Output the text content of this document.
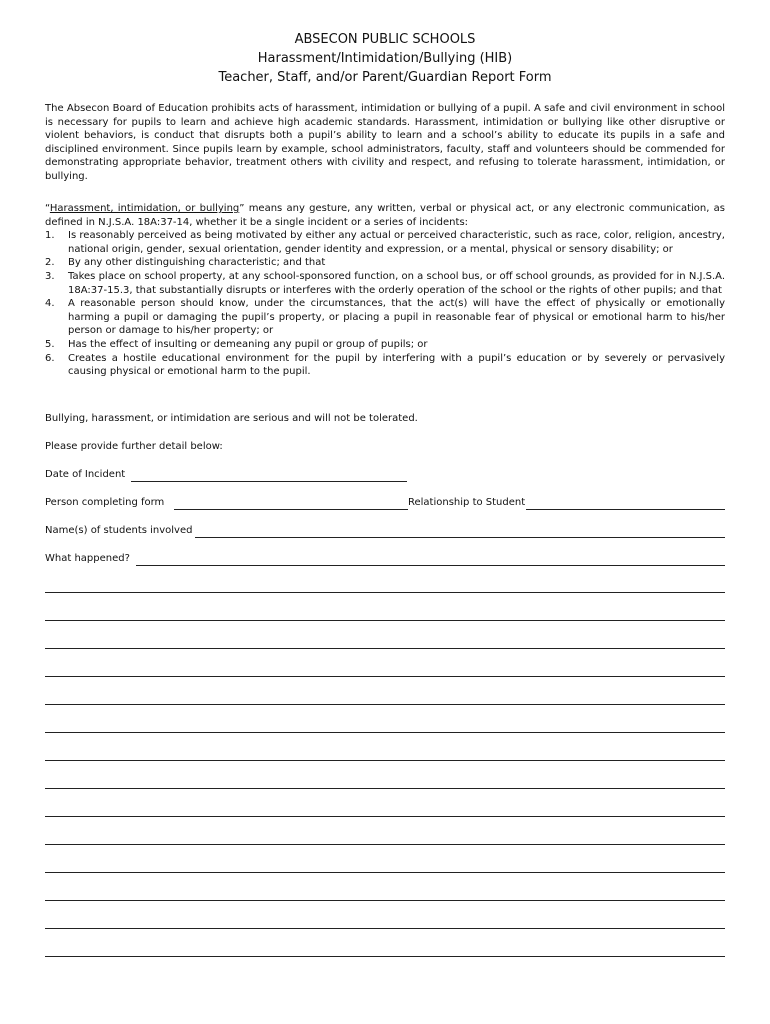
ABSECON PUBLIC SCHOOLS
Harassment/Intimidation/Bullying (HIB)
Teacher, Staff, and/or Parent/Guardian Report Form
The Absecon Board of Education prohibits acts of harassment, intimidation or bullying of a pupil. A safe and civil environment in school is necessary for pupils to learn and achieve high academic standards. Harassment, intimidation or bullying like other disruptive or violent behaviors, is conduct that disrupts both a pupil’s ability to learn and a school’s ability to educate its pupils in a safe and disciplined environment. Since pupils learn by example, school administrators, faculty, staff and volunteers should be commended for demonstrating appropriate behavior, treatment others with civility and respect, and refusing to tolerate harassment, intimidation, or bullying.
“Harassment, intimidation, or bullying” means any gesture, any written, verbal or physical act, or any electronic communication, as defined in N.J.S.A. 18A:37-14, whether it be a single incident or a series of incidents:
1. Is reasonably perceived as being motivated by either any actual or perceived characteristic, such as race, color, religion, ancestry, national origin, gender, sexual orientation, gender identity and expression, or a mental, physical or sensory disability; or
2. By any other distinguishing characteristic; and that
3. Takes place on school property, at any school-sponsored function, on a school bus, or off school grounds, as provided for in N.J.S.A. 18A:37-15.3, that substantially disrupts or interferes with the orderly operation of the school or the rights of other pupils; and that
4. A reasonable person should know, under the circumstances, that the act(s) will have the effect of physically or emotionally harming a pupil or damaging the pupil’s property, or placing a pupil in reasonable fear of physical or emotional harm to his/her person or damage to his/her property; or
5. Has the effect of insulting or demeaning any pupil or group of pupils; or
6. Creates a hostile educational environment for the pupil by interfering with a pupil’s education or by severely or pervasively causing physical or emotional harm to the pupil.
Bullying, harassment, or intimidation are serious and will not be tolerated.
Please provide further detail below:
Date of Incident
Person completing form	Relationship to Student
Name(s) of students involved
What happened?
